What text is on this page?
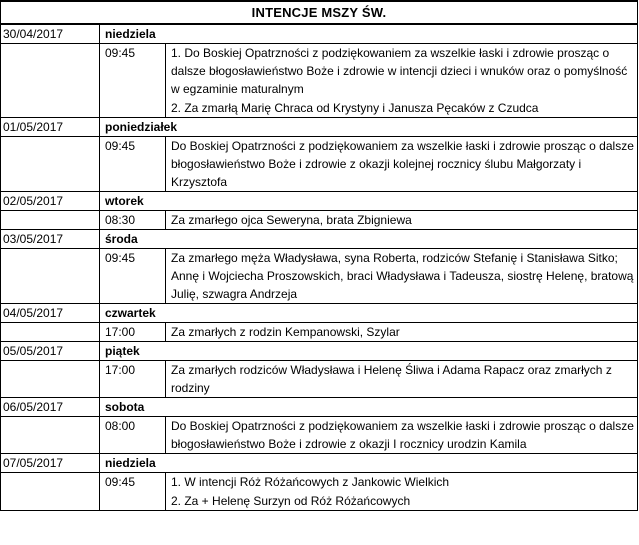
INTENCJE MSZY ŚW.
30/04/2017	niedziela	
	09:45	1. Do Boskiej Opatrzności z podziękowaniem za wszelkie łaski i zdrowie prosząc o dalsze błogosławieństwo Boże i zdrowie w intencji dzieci i wnuków oraz o pomyślność w egzaminie maturalnym
2. Za zmarłą Marię Chraca od Krystyny i Janusza Pęcaków z Czudca

01/05/2017	poniedziałek	
	09:45	Do Boskiej Opatrzności z podziękowaniem za wszelkie łaski i zdrowie prosząc o dalsze błogosławieństwo Boże i zdrowie z okazji kolejnej rocznicy ślubu Małgorzaty i Krzysztofa

02/05/2017	wtorek	
	08:30	Za zmarłego ojca Seweryna, brata Zbigniewa

03/05/2017	środa	
	09:45	Za zmarłego męża Władysława, syna Roberta, rodziców Stefanię i Stanisława Sitko; Annę i Wojciecha Proszowskich, braci Władysława i Tadeusza, siostrę Helenę, bratową Julię, szwagra Andrzeja

04/05/2017	czwartek	
	17:00	Za zmarłych z rodzin Kempanowski, Szylar

05/05/2017	piątek	
	17:00	Za zmarłych rodziców Władysława i Helenę Śliwa i Adama Rapacz oraz zmarłych z rodziny

06/05/2017	sobota	
	08:00	Do Boskiej Opatrzności z podziękowaniem za wszelkie łaski i zdrowie prosząc o dalsze błogosławieństwo Boże i zdrowie z okazji I rocznicy urodzin Kamila

07/05/2017	niedziela	
	09:45	1. W intencji Róż Różańcowych z Jankowic Wielkich
2. Za + Helenę Surzyn od Róż Różańcowych
